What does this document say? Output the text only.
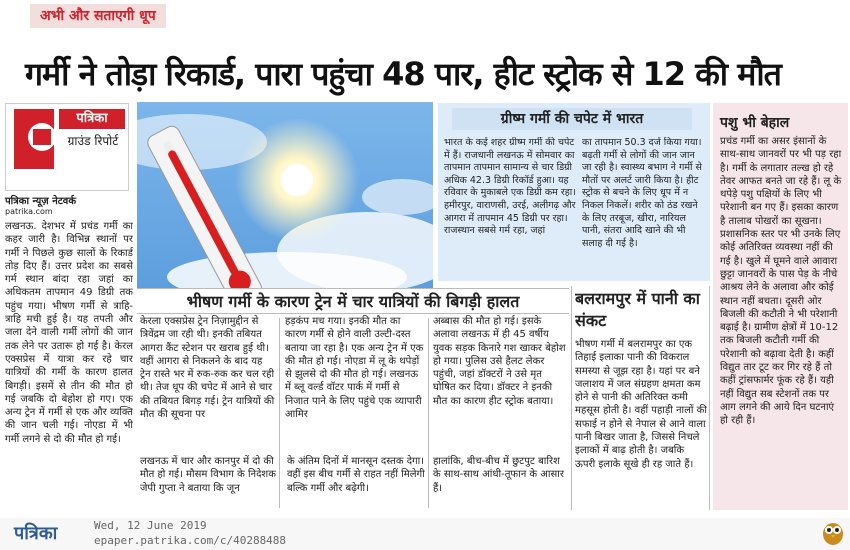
अभी और सताएगी धूप
गर्मी ने तोड़ा रिकार्ड, पारा पहुंचा 48 पार, हीट स्ट्रोक से 12 की मौत
पत्रिका
ग्राउंड रिपोर्ट
पत्रिका न्यूज़ नेटवर्क
patrika.com
लखनऊ. देशभर में प्रचंड गर्मी का कहर जारी है। विभिन्न स्थानों पर गर्मी ने पिछले कुछ सालों के रिकार्ड तोड़ दिए हैं। उत्तर प्रदेश का सबसे गर्म स्थान बांदा रहा जहां का अधिकतम तापमान 49 डिग्री तक पहुंच गया। भीषण गर्मी से त्राहि-त्राहि मची हुई है। यह तपती और जला देने वाली गर्मी लोगों की जान तक लेने पर उतारू हो गई है। केरल एक्सप्रेस में यात्रा कर रहे चार यात्रियों की गर्मी के कारण हालत बिगड़ी। इसमें से तीन की मौत हो गई जबकि दो बेहोश हो गए। एक अन्य ट्रेन में गर्मी से एक और व्यक्ति की जान चली गई। नोएडा में भी गर्मी लगने से दो की मौत हो गई।
ग्रीष्म गर्मी की चपेट में भारत
भारत के कई शहर ग्रीष्म गर्मी की चपेट में हैं। राजधानी लखनऊ में सोमवार का तापमान तापमान सामान्य से चार डिग्री अधिक 42.3 डिग्री रिकॉर्ड हुआ। यह रविवार के मुकाबले एक डिग्री कम रहा। हमीरपुर, वाराणसी, उरई, अलीगढ़ और आगरा में तापमान 45 डिग्री पर रहा। राजस्थान सबसे गर्म रहा, जहां
का तापमान 50.3 दर्ज किया गया। बढ़ती गर्मी से लोगों की जान जान जा रही है। स्वास्थ्य बभाग ने गर्मी से मौतों पर अलर्ट जारी किया है। हीट स्ट्रोक से बचने के लिए धूप में न निकल निकलें। शरीर को ठंड रखने के लिए तरबूज, खीरा, नारियल पानी, संतरा आदि खाने की भी सलाह दी गई है।
भीषण गर्मी के कारण ट्रेन में चार यात्रियों की बिगड़ी हालत
केरला एक्सप्रेस ट्रेन निज़ामुद्दीन से त्रिवेंद्रम जा रही थी। इनकी तबियत आगरा कैंट स्टेशन पर खराब हुई थी। वहीं आगरा से निकलने के बाद यह ट्रेन रास्ते भर में रुक-रुक कर चल रही थी। तेज धूप की चपेट में आने से चार की तबियत बिगड़ गई। ट्रेन यात्रियों की मौत की सूचना पर
हड़कंप मच गया। इनकी मौत का कारण गर्मी से होने वाली उल्टी-दस्त बताया जा रहा है। एक अन्य ट्रेन में एक की मौत हो गई। नोएडा में लू के थपेड़ों से झुलसे दो की मौत हो गई। लखनऊ में ब्लू वर्ल्ड वॉटर पार्क में गर्मी से निजात पाने के लिए पहुंचे एक व्यापारी आमिर
अब्बास की मौत हो गई। इसके अलावा लखनऊ में ही 45 वर्षीय युवक सड़क किनारे गश खाकर बेहोश हो गया। पुलिस उसे हैलट लेकर पहुंची, जहां डॉक्टरों ने उसे मृत घोषित कर दिया। डॉक्टर ने इनकी मौत का कारण हीट स्ट्रोक बताया।
लखनऊ में चार और कानपुर में दो की मौत हो गई। मौसम विभाग के निदेशक जेपी गुप्ता ने बताया कि जून
के अंतिम दिनों में मानसून दस्तक देगा। वहीं इस बीच गर्मी से राहत नहीं मिलेगी बल्कि गर्मी और बढ़ेगी।
हालांकि, बीच-बीच में छुटपुट बारिश के साथ-साथ आंधी-तूफान के आसार हैं।
बलरामपुर में पानी का संकट
भीषण गर्मी में बलरामपुर का एक तिहाई इलाका पानी की विकराल समस्या से जूझ रहा है। यहां पर बने जलाशय में जल संग्रहण क्षमता कम होने से पानी की अतिरिक्त कमी महसूस होती है। वहीं पहाड़ी नालों की सफाई न होने से नेपाल से आने वाला पानी बिखर जाता है, जिससे निचले इलाकों में बाढ़ होती है। जबकि ऊपरी इलाके सूखे ही रह जाते हैं।
पशु भी बेहाल
प्रचंड गर्मी का असर इंसानों के साथ-साथ जानवरों पर भी पड़ रहा है। गर्मी के लगातार तल्ख हो रहे तेवर आफत बनते जा रहे हैं। लू के थपेड़े पशु पक्षियों के लिए भी परेशानी बन गए हैं। इसका कारण है तालाब पोखरों का सूखना। प्रशासनिक स्तर पर भी उनके लिए कोई अतिरिक्त व्यवस्था नहीं की गई है। खुले में घूमने वाले आवारा छुट्टा जानवरों के पास पेड़ के नीचे आश्रय लेने के अलावा और कोई स्थान नहीं बचता। दूसरी ओर बिजली की कटौती ने भी परेशानी बढ़ाई है। ग्रामीण क्षेत्रों में 10-12 तक बिजली कटौती गर्मी की परेशानी को बढ़ावा देती है। कहीं विद्युत तार टूट कर गिर रहे हैं तो कहीं ट्रांसफार्मर फूंक रहे हैं। यही नहीं विद्युत सब स्टेशनों तक पर आग लगने की आये दिन घटनाएं हो रही हैं।
पत्रिका	Wed, 12 June 2019
epaper.patrika.com/c/40288488
